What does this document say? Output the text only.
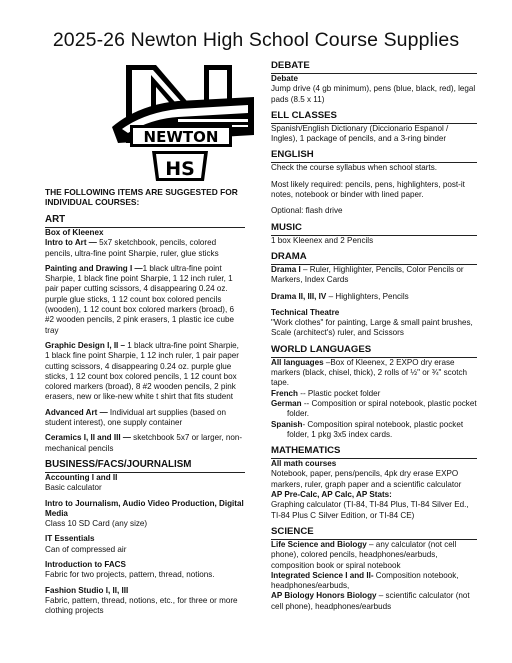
2025-26 Newton High School Course Supplies
NEWTON
HS

THE FOLLOWING ITEMS ARE SUGGESTED FOR INDIVIDUAL COURSES:

ART
Box of Kleenex
Intro to Art — 5x7 sketchbook, pencils, colored pencils, ultra-fine point Sharpie, ruler, glue sticks
Painting and Drawing I —1 black ultra-fine point Sharpie, 1 black fine point Sharpie, 1 12 inch ruler, 1 pair paper cutting scissors, 4 disappearing 0.24 oz. purple glue sticks, 1 12 count box colored pencils (wooden), 1 12 count box colored markers (broad), 6 #2 wooden pencils, 2 pink erasers, 1 plastic ice cube tray
Graphic Design I, II – 1 black ultra-fine point Sharpie, 1 black fine point Sharpie, 1 12 inch ruler, 1 pair paper cutting scissors, 4 disappearing 0.24 oz. purple glue sticks, 1 12 count box colored pencils, 1 12 count box colored markers (broad), 8 #2 wooden pencils, 2 pink erasers, new or like-new white t shirt that fits student
Advanced Art — Individual art supplies (based on student interest), one supply container
Ceramics I, II and III — sketchbook 5x7 or larger, non-mechanical pencils
BUSINESS/FACS/JOURNALISM
Accounting I and II
Basic calculator
Intro to Journalism, Audio Video Production, Digital Media
Class 10 SD Card (any size)
IT Essentials
Can of compressed air
Introduction to FACS
Fabric for two projects, pattern, thread, notions.
Fashion Studio I, II, III
Fabric, pattern, thread, notions, etc., for three or more clothing projects
DEBATE
Debate
Jump drive (4 gb minimum), pens (blue, black, red), legal pads (8.5 x 11)
ELL CLASSES
Spanish/English Dictionary (Diccionario Espanol / Ingles), 1 package of pencils, and a 3-ring binder
ENGLISH
Check the course syllabus when school starts.
Most likely required: pencils, pens, highlighters, post-it notes, notebook or binder with lined paper.
Optional: flash drive
MUSIC
1 box Kleenex and 2 Pencils
DRAMA
Drama I – Ruler, Highlighter, Pencils, Color Pencils or Markers, Index Cards
Drama II, III, IV – Highlighters, Pencils
Technical Theatre
"Work clothes" for painting, Large & small paint brushes, Scale (architect's) ruler, and Scissors
WORLD LANGUAGES
All languages –Box of Kleenex, 2 EXPO dry erase markers (black, chisel, thick), 2 rolls of ½" or ¾" scotch tape.
French -- Plastic pocket folder
German -- Composition or spiral notebook, plastic pocket folder.
Spanish- Composition spiral notebook, plastic pocket folder, 1 pkg 3x5 index cards.
MATHEMATICS
All math courses
Notebook, paper, pens/pencils, 4pk dry erase EXPO markers, ruler, graph paper and a scientific calculator
AP Pre-Calc, AP Calc, AP Stats:
Graphing calculator (TI-84, TI-84 Plus, TI-84 Silver Ed., TI-84 Plus C Silver Edition, or TI-84 CE)
SCIENCE
Life Science and Biology – any calculator (not cell phone), colored pencils, headphones/earbuds, composition book or spiral notebook
Integrated Science I and II- Composition notebook, headphones/earbuds,
AP Biology Honors Biology – scientific calculator (not cell phone), headphones/earbuds
